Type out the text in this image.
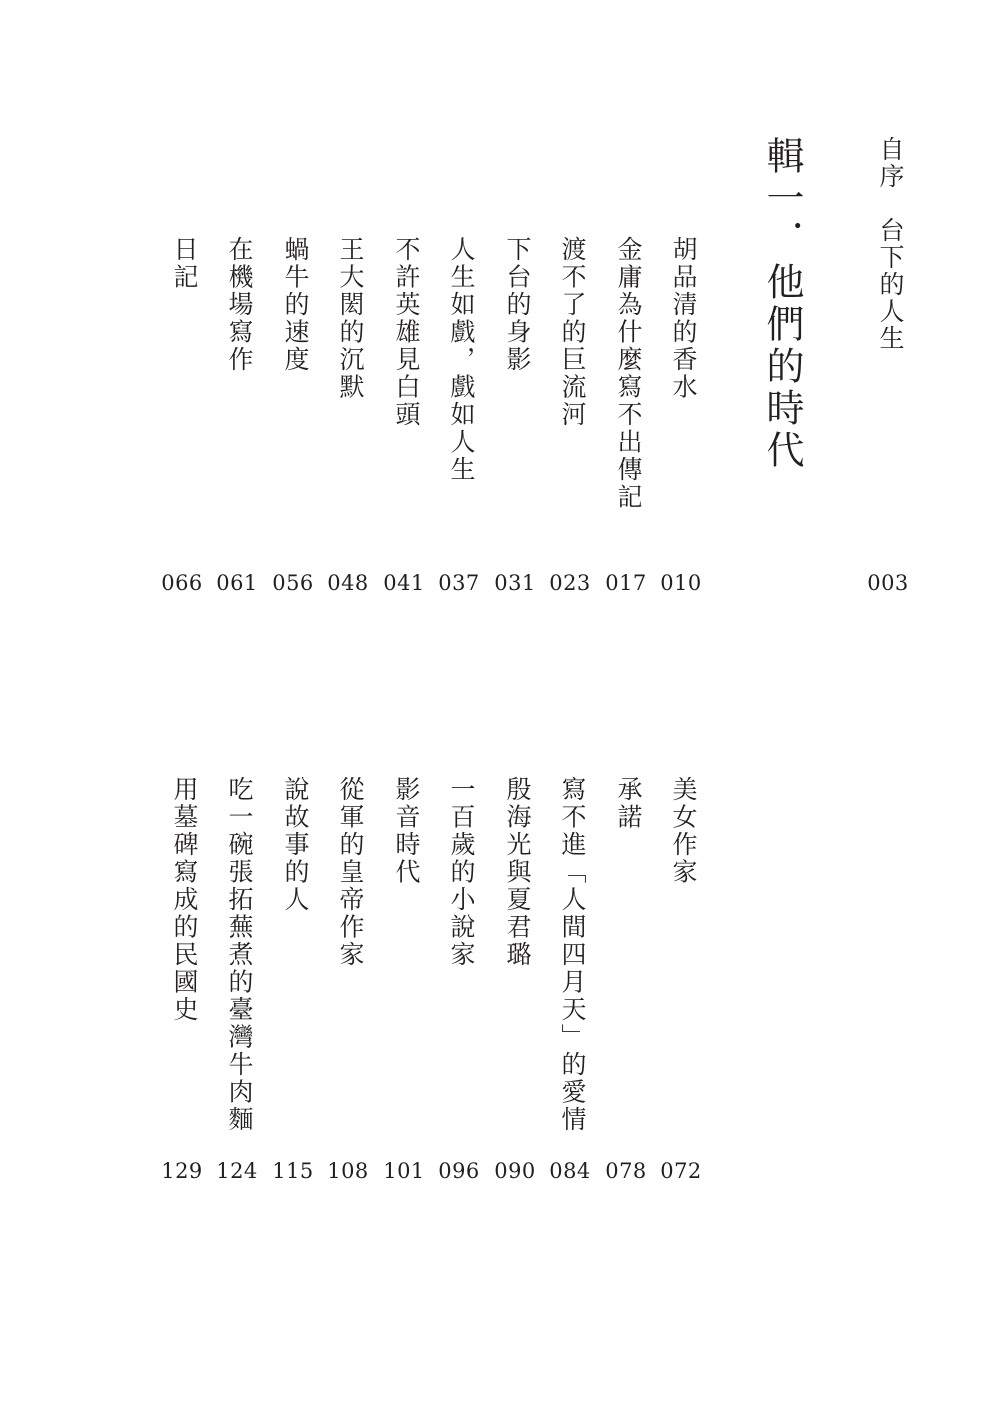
自序　台下的人生
003
輯一．他們的時代
胡品清的香水
010
金庸為什麼寫不出傳記
017
渡不了的巨流河
023
下台的身影
031
人生如戲，戲如人生
037
不許英雄見白頭
041
王大閎的沉默
048
蝸牛的速度
056
在機場寫作
061
日記
066
美女作家
072
承諾
078
寫不進「人間四月天」的愛情
084
殷海光與夏君璐
090
一百歲的小說家
096
影音時代
101
從軍的皇帝作家
108
說故事的人
115
吃一碗張拓蕪煮的臺灣牛肉麵
124
用墓碑寫成的民國史
129
